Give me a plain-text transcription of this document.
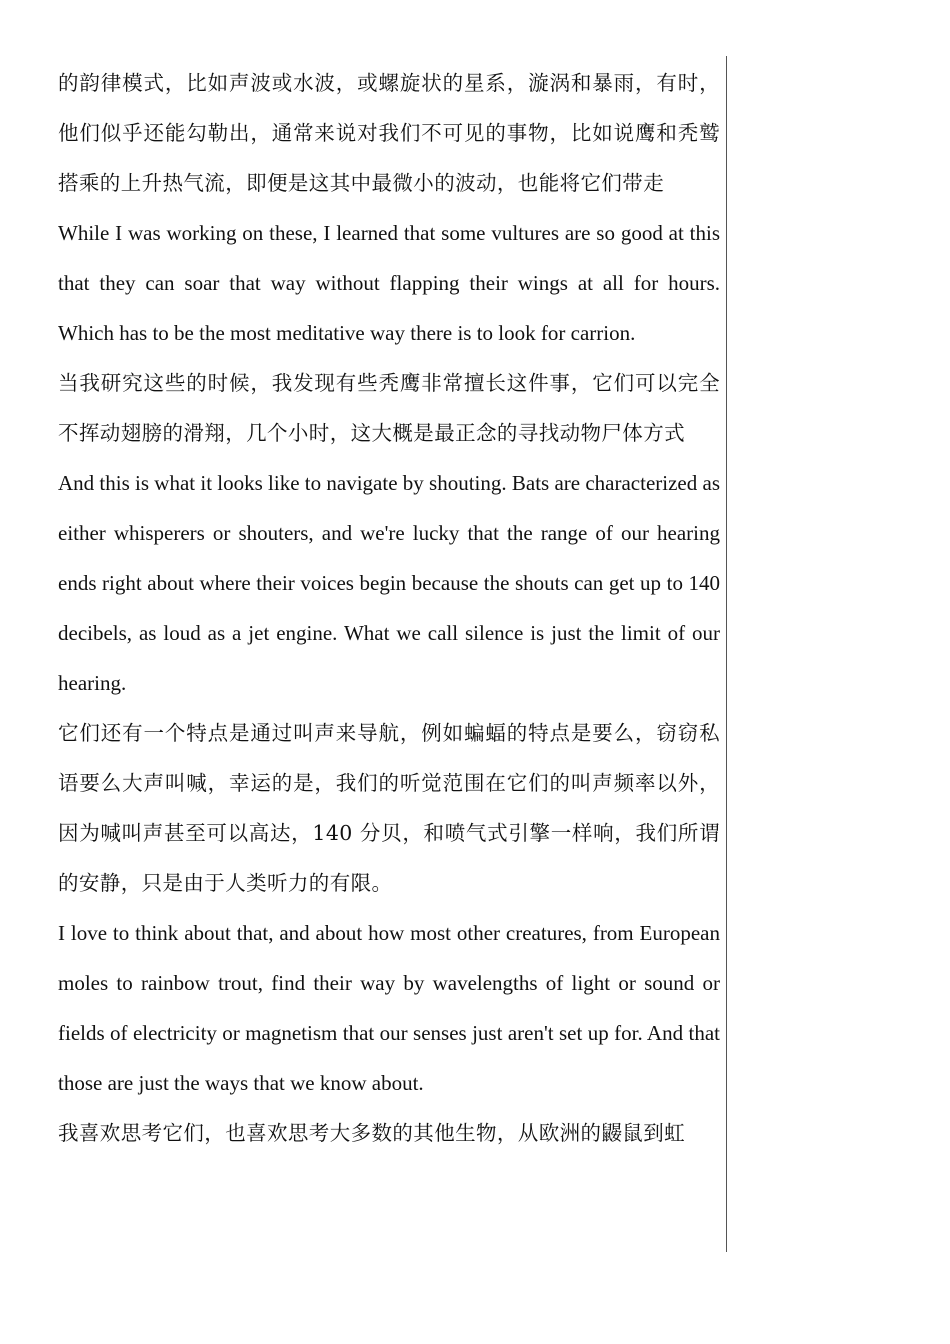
的韵律模式，比如声波或水波，或螺旋状的星系，漩涡和暴雨，有时，他们似乎还能勾勒出，通常来说对我们不可见的事物，比如说鹰和秃鹫搭乘的上升热气流，即便是这其中最微小的波动，也能将它们带走

While I was working on these, I learned that some vultures are so good at this that they can soar that way without flapping their wings at all for hours. Which has to be the most meditative way there is to look for carrion.

当我研究这些的时候，我发现有些秃鹰非常擅长这件事，它们可以完全不挥动翅膀的滑翔，几个小时，这大概是最正念的寻找动物尸体方式

And this is what it looks like to navigate by shouting. Bats are characterized as either whisperers or shouters, and we're lucky that the range of our hearing ends right about where their voices begin because the shouts can get up to 140 decibels, as loud as a jet engine. What we call silence is just the limit of our hearing.

它们还有一个特点是通过叫声来导航，例如蝙蝠的特点是要么，窃窃私语要么大声叫喊，幸运的是，我们的听觉范围在它们的叫声频率以外，因为喊叫声甚至可以高达，140 分贝，和喷气式引擎一样响，我们所谓的安静，只是由于人类听力的有限。

I love to think about that, and about how most other creatures, from European moles to rainbow trout, find their way by wavelengths of light or sound or fields of electricity or magnetism that our senses just aren't set up for. And that those are just the ways that we know about.

我喜欢思考它们，也喜欢思考大多数的其他生物，从欧洲的鼹鼠到虹
